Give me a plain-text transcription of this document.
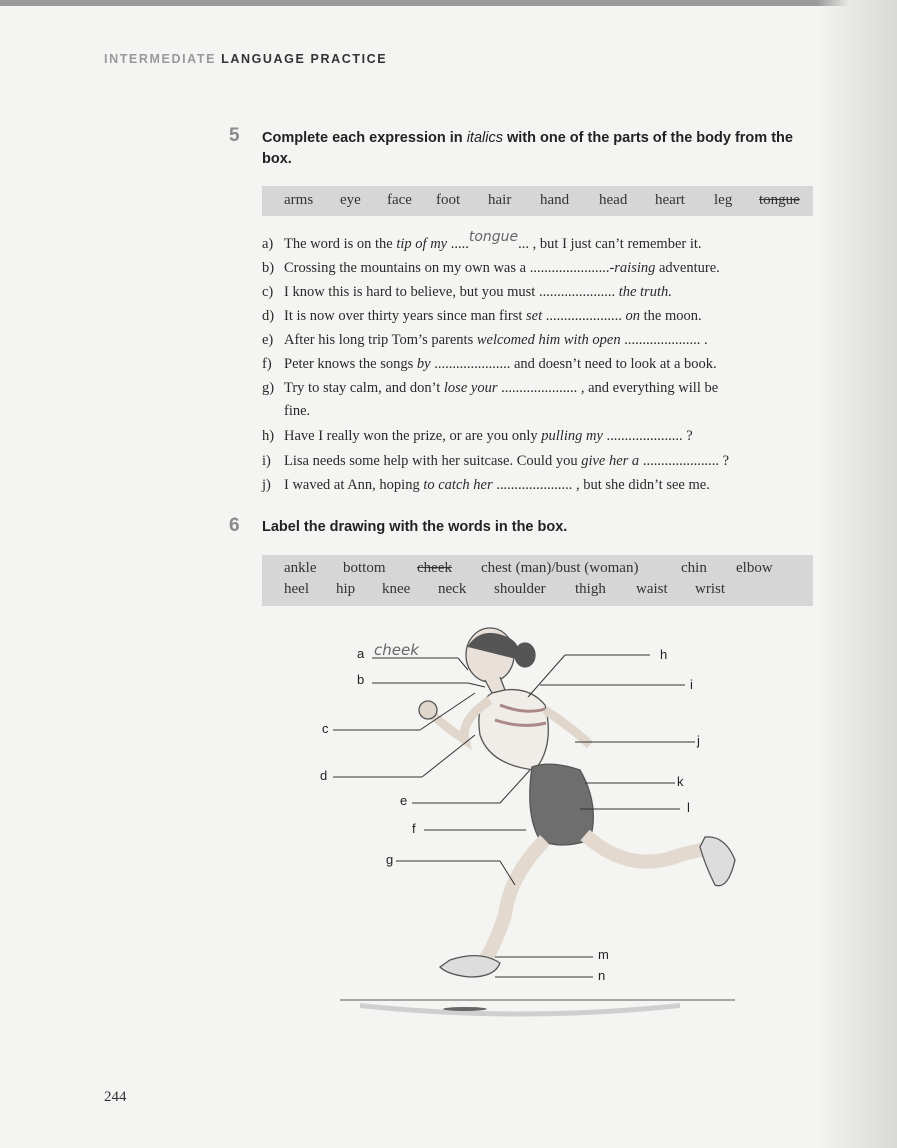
INTERMEDIATE LANGUAGE PRACTICE
5 Complete each expression in italics with one of the parts of the body from the
box.
arms eye face foot hair hand head heart leg tongue
a) The word is on the tip of my .....tongue... , but I just can’t remember it.
b) Crossing the mountains on my own was a ......................-raising adventure.
c) I know this is hard to believe, but you must ..................... the truth.
d) It is now over thirty years since man first set ..................... on the moon.
e) After his long trip Tom’s parents welcomed him with open ..................... .
f) Peter knows the songs by ..................... and doesn’t need to look at a book.
g) Try to stay calm, and don’t lose your ..................... , and everything will be
fine.
h) Have I really won the prize, or are you only pulling my ..................... ?
i) Lisa needs some help with her suitcase. Could you give her a ..................... ?
j) I waved at Ann, hoping to catch her ..................... , but she didn’t see me.
6 Label the drawing with the words in the box.
ankle bottom cheek chest (man)/bust (woman)	chin elbow
heel hip knee neck shoulder thigh waist wrist
a
b
c
d
e
f
g
h
i
j
k
l
m
n
cheek
244
